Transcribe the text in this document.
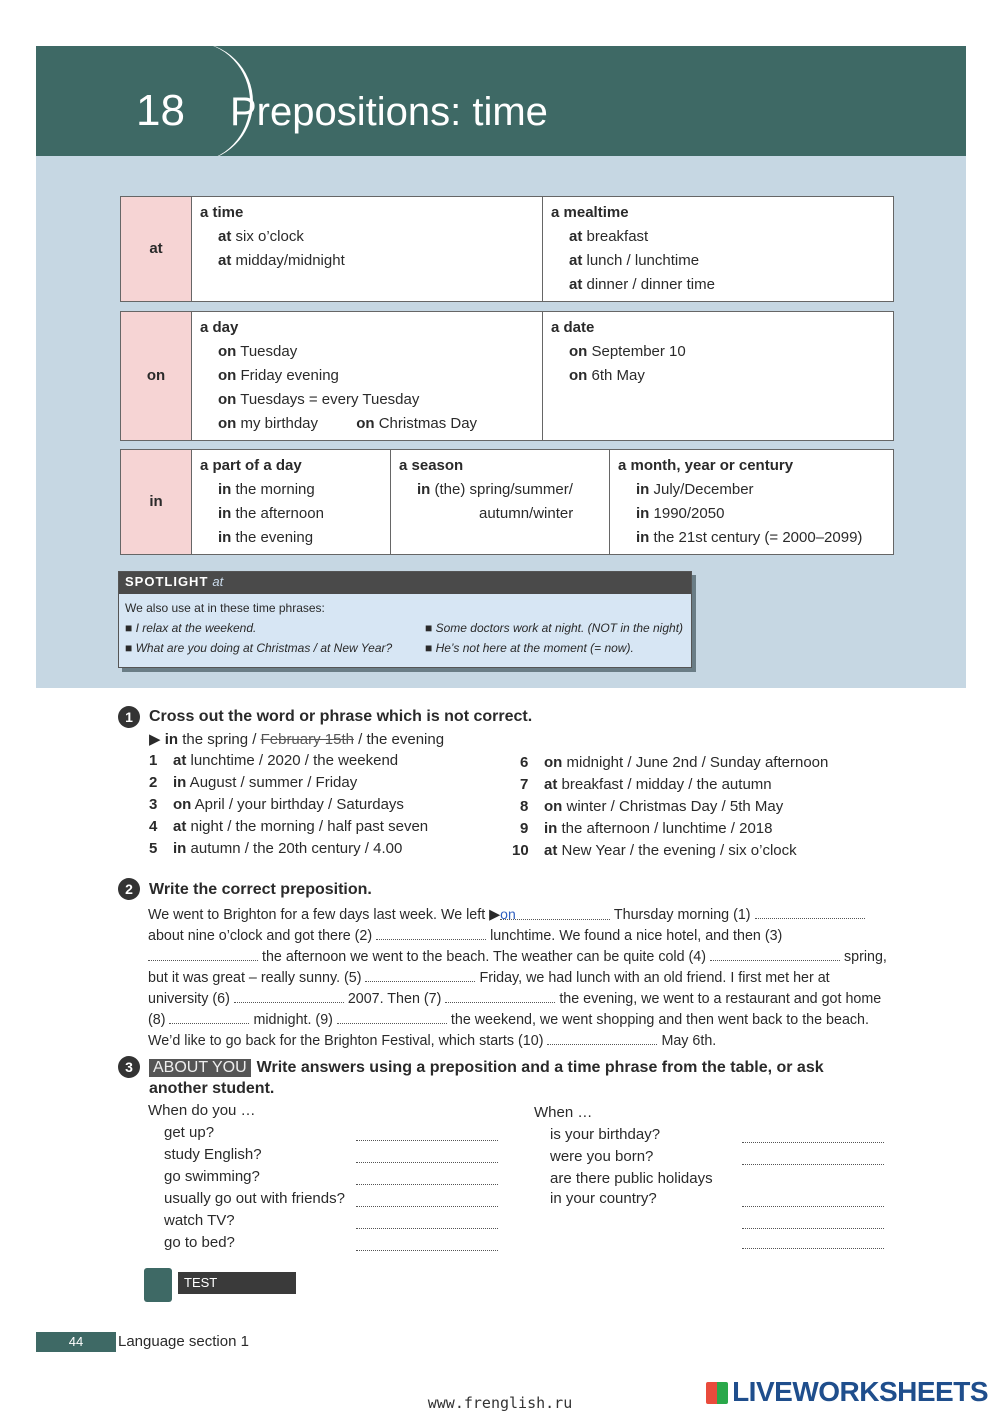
18 Prepositions: time
at	
a time
at six o’clock
at midday/midnight

a mealtime
at breakfast
at lunch / lunchtime
at dinner / dinner time
on	
a day
on Tuesday
on Friday evening
on Tuesdays = every Tuesday
on my birthday	on Christmas Day

a date
on September 10
on 6th May
in	
a part of a day
in the morning
in the afternoon
in the evening

a season
in (the) spring/summer/
autumn/winter

a month, year or century
in July/December
in 1990/2050
in the 21st century (= 2000–2099)
SPOTLIGHT at
We also use at in these time phrases:
■ I relax at the weekend.	■ Some doctors work at night. (NOT in the night)
■ What are you doing at Christmas / at New Year?	■ He’s not here at the moment (= now).
1	Cross out the word or phrase which is not correct.
▶ in the spring / February 15th / the evening
1 at lunchtime / 2020 / the weekend
2 in August / summer / Friday
3 on April / your birthday / Saturdays
4 at night / the morning / half past seven
5 in autumn / the 20th century / 4.00
6 on midnight / June 2nd / Sunday afternoon
7 at breakfast / midday / the autumn
8 on winter / Christmas Day / 5th May
9 in the afternoon / lunchtime / 2018
10 at New Year / the evening / six o’clock
2	Write the correct preposition.
We went to Brighton for a few days last week. We left ▶on	Thursday morning (1)  about nine o’clock and got there (2)	lunchtime. We found a nice hotel, and then (3)  the afternoon we went to the beach. The weather can be quite cold (4)	spring, but it was great – really sunny. (5)	Friday, we had lunch with an old friend. I first met her at university (6)	2007. Then (7)	the evening, we went to a restaurant and got home (8)	midnight. (9)	the weekend, we went shopping and then went back to the beach. We’d like to go back for the Brighton Festival, which starts (10)	May 6th.
3	ABOUT YOU Write answers using a preposition and a time phrase from the table, or ask
another student.
When do you …
get up?
study English?
go swimming?
usually go out with friends?
watch TV?
go to bed?
When …
is your birthday?
were you born?
are there public holidays
in your country?
TEST YOURSELF
44	Language section 1
www.frenglish.ru	LIVEWORKSHEETS
